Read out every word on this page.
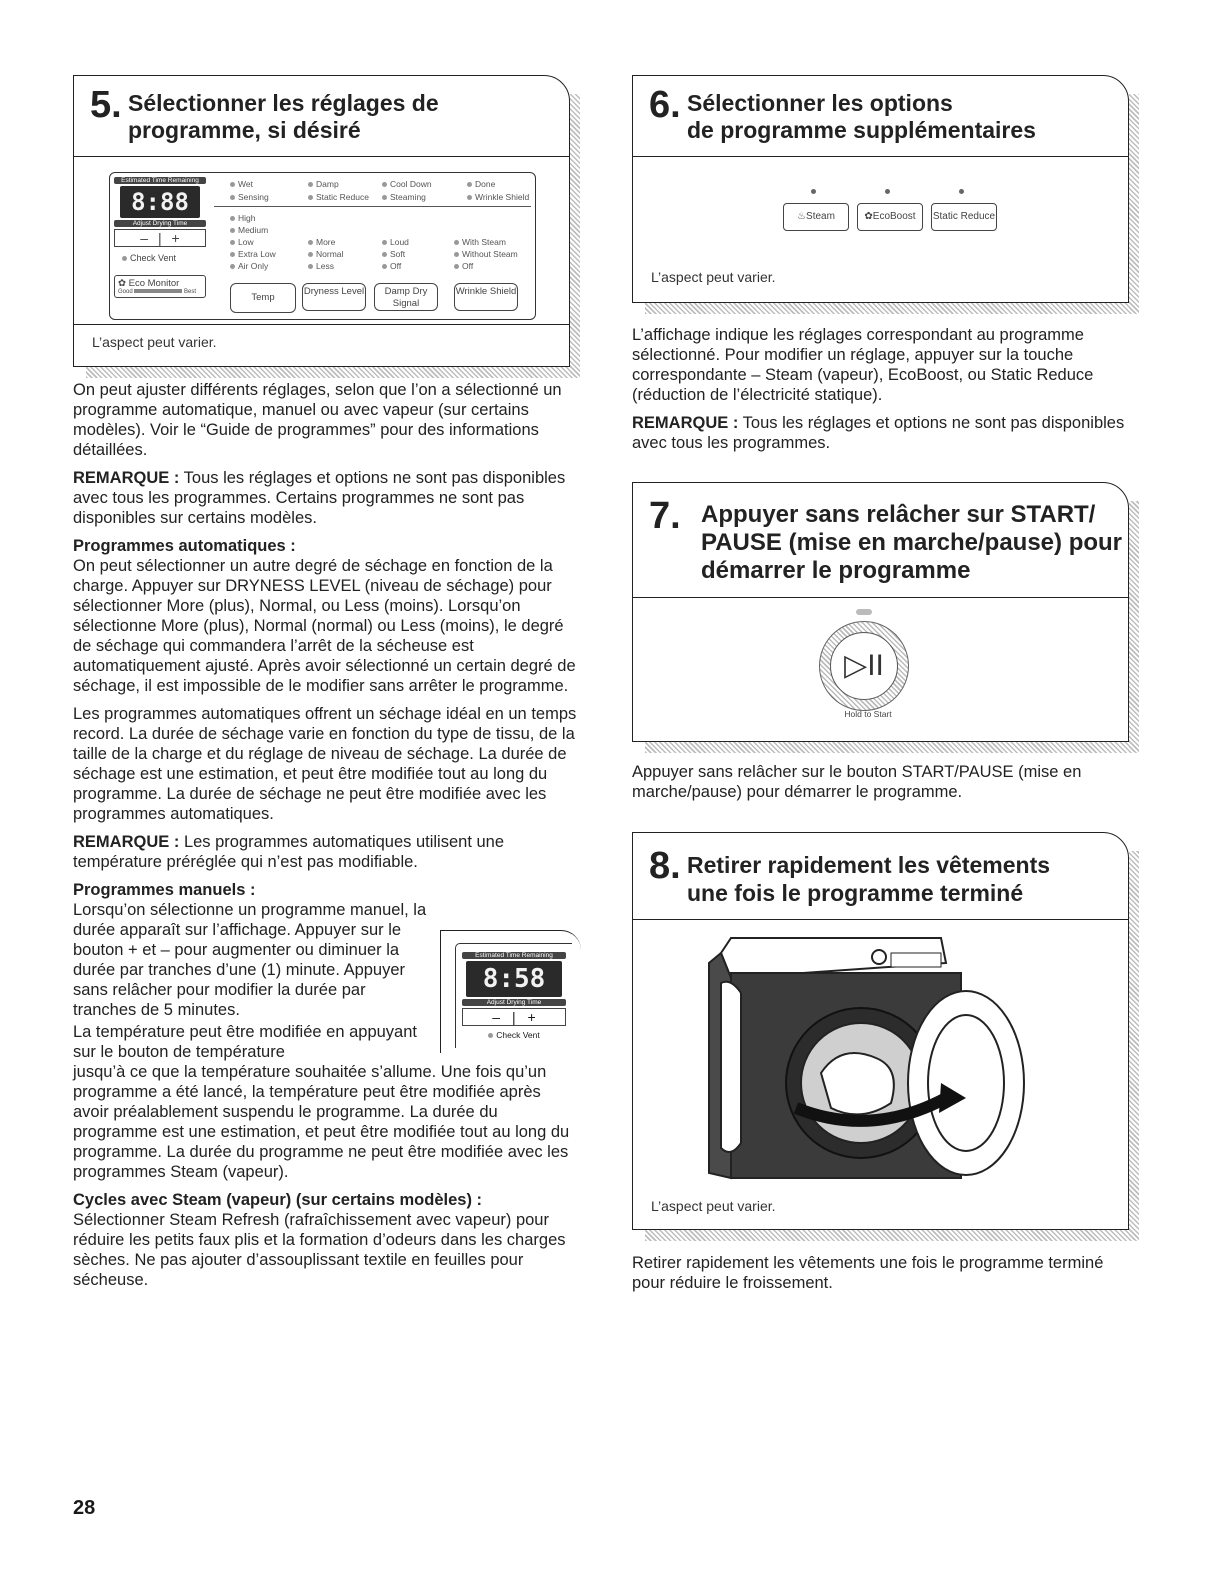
5. Sélectionner les réglages de
programme, si désiré
Estimated Time Remaining
8:88
Adjust Drying Time
– | +
Check Vent
✿ Eco Monitor
Good	Best
Wet	Damp	Cool Down	Done
Sensing	Static Reduce	Steaming	Wrinkle Shield
High
Medium
Low
Extra Low
Air Only
More
Normal
Less
Loud
Soft
Off
With Steam
Without Steam
Off
Temp
Dryness Level	Damp Dry Signal
Wrinkle Shield
L’aspect peut varier.

On peut ajuster différents réglages, selon que l’on a sélectionné un programme automatique, manuel ou avec vapeur (sur certains modèles). Voir le “Guide de programmes” pour des informations détaillées.

REMARQUE : Tous les réglages et options ne sont pas disponibles avec tous les programmes. Certains programmes ne sont pas disponibles sur certains modèles.

Programmes automatiques :

On peut sélectionner un autre degré de séchage en fonction de la charge. Appuyer sur DRYNESS LEVEL (niveau de séchage) pour sélectionner More (plus), Normal, ou Less (moins). Lorsqu’on sélectionne More (plus), Normal (normal) ou Less (moins), le degré de séchage qui commandera l’arrêt de la sécheuse est automatiquement ajusté. Après avoir sélectionné un certain degré de séchage, il est impossible de le modifier sans arrêter le programme.

Les programmes automatiques offrent un séchage idéal en un temps record. La durée de séchage varie en fonction du type de tissu, de la taille de la charge et du réglage de niveau de séchage. La durée de séchage est une estimation, et peut être modifiée tout au long du programme. La durée de séchage ne peut être modifiée avec les programmes automatiques.

REMARQUE : Les programmes automatiques utilisent une température préréglée qui n’est pas modifiable.

Programmes manuels :

Lorsqu’on sélectionne un programme manuel, la durée apparaît sur l’affichage. Appuyer sur le bouton + et – pour augmenter ou diminuer la durée par tranches d’une (1) minute. Appuyer sans relâcher pour modifier la durée par tranches de 5 minutes.

La température peut être modifiée en appuyant sur le bouton de température

jusqu’à ce que la température souhaitée s’allume. Une fois qu’un programme a été lancé, la température peut être modifiée après avoir préalablement suspendu le programme. La durée du programme est une estimation, et peut être modifiée tout au long du programme. La durée du programme ne peut être modifiée avec les programmes Steam (vapeur).

Cycles avec Steam (vapeur) (sur certains modèles) :

Sélectionner Steam Refresh (rafraîchissement avec vapeur) pour réduire les petits faux plis et la formation d’odeurs dans les charges sèches. Ne pas ajouter d’assouplissant textile en feuilles pour sécheuse.

Estimated Time Remaining
8:58
Adjust Drying Time
– | +
Check Vent
6. Sélectionner les options
de programme supplémentaires
♨Steam	✿EcoBoost	Static Reduce
L’aspect peut varier.

L’affichage indique les réglages correspondant au programme sélectionné. Pour modifier un réglage, appuyer sur la touche correspondante – Steam (vapeur), EcoBoost, ou Static Reduce (réduction de l’électricité statique).

REMARQUE : Tous les réglages et options ne sont pas disponibles avec tous les programmes.

7. Appuyer sans relâcher sur START/
PAUSE (mise en marche/pause) pour
démarrer le programme
▷II
Hold to Start

Appuyer sans relâcher sur le bouton START/PAUSE (mise en marche/pause) pour démarrer le programme.

8. Retirer rapidement les vêtements
une fois le programme terminé
L’aspect peut varier.

Retirer rapidement les vêtements une fois le programme terminé pour réduire le froissement.

28
